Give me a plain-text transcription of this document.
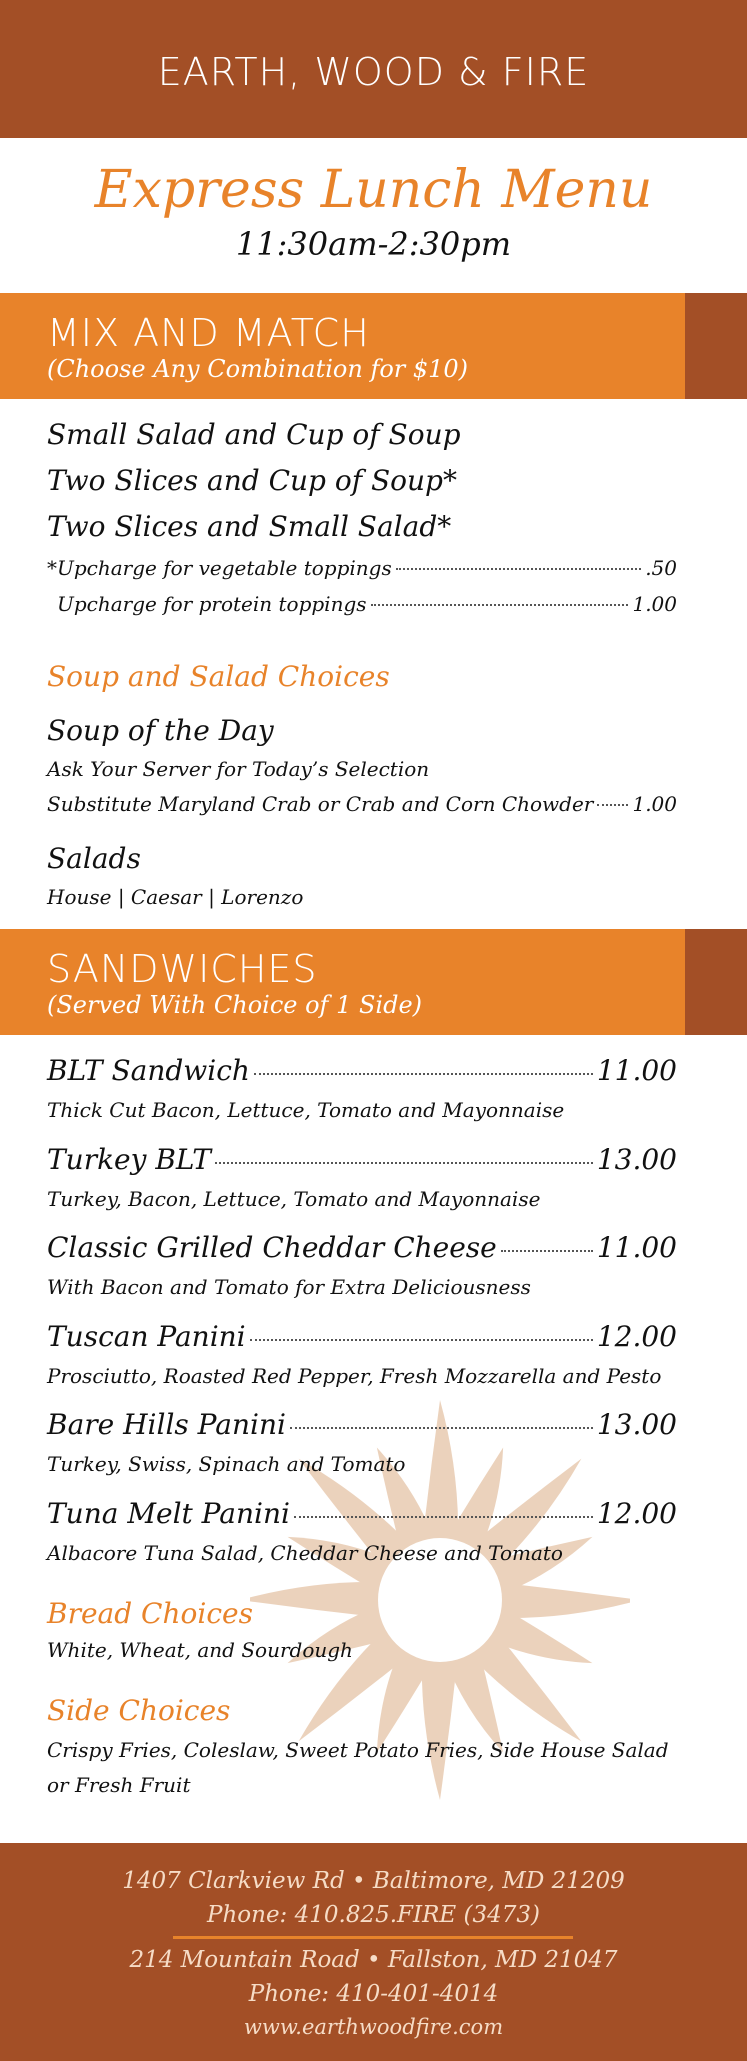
EARTH, WOOD & FIRE
Express Lunch Menu
11:30am-2:30pm
MIX AND MATCH
(Choose Any Combination for $10)
Small Salad and Cup of Soup
Two Slices and Cup of Soup*
Two Slices and Small Salad*
*Upcharge for vegetable toppings	.50
Upcharge for protein toppings	1.00
Soup and Salad Choices
Soup of the Day
Ask Your Server for Today’s Selection
Substitute Maryland Crab or Crab and Corn Chowder 1.00
Salads
House | Caesar | Lorenzo
SANDWICHES
(Served With Choice of 1 Side)
BLT Sandwich	11.00
Thick Cut Bacon, Lettuce, Tomato and Mayonnaise
Turkey BLT	13.00
Turkey, Bacon, Lettuce, Tomato and Mayonnaise
Classic Grilled Cheddar Cheese	11.00
With Bacon and Tomato for Extra Deliciousness
Tuscan Panini	12.00
Prosciutto, Roasted Red Pepper, Fresh Mozzarella and Pesto
Bare Hills Panini	13.00
Turkey, Swiss, Spinach and Tomato
Tuna Melt Panini	12.00
Albacore Tuna Salad, Cheddar Cheese and Tomato
Bread Choices
White, Wheat, and Sourdough
Side Choices
Crispy Fries, Coleslaw, Sweet Potato Fries, Side House Salad
or Fresh Fruit
1407 Clarkview Rd • Baltimore, MD 21209
Phone: 410.825.FIRE (3473)
214 Mountain Road • Fallston, MD 21047
Phone: 410-401-4014
www.earthwoodfire.com
